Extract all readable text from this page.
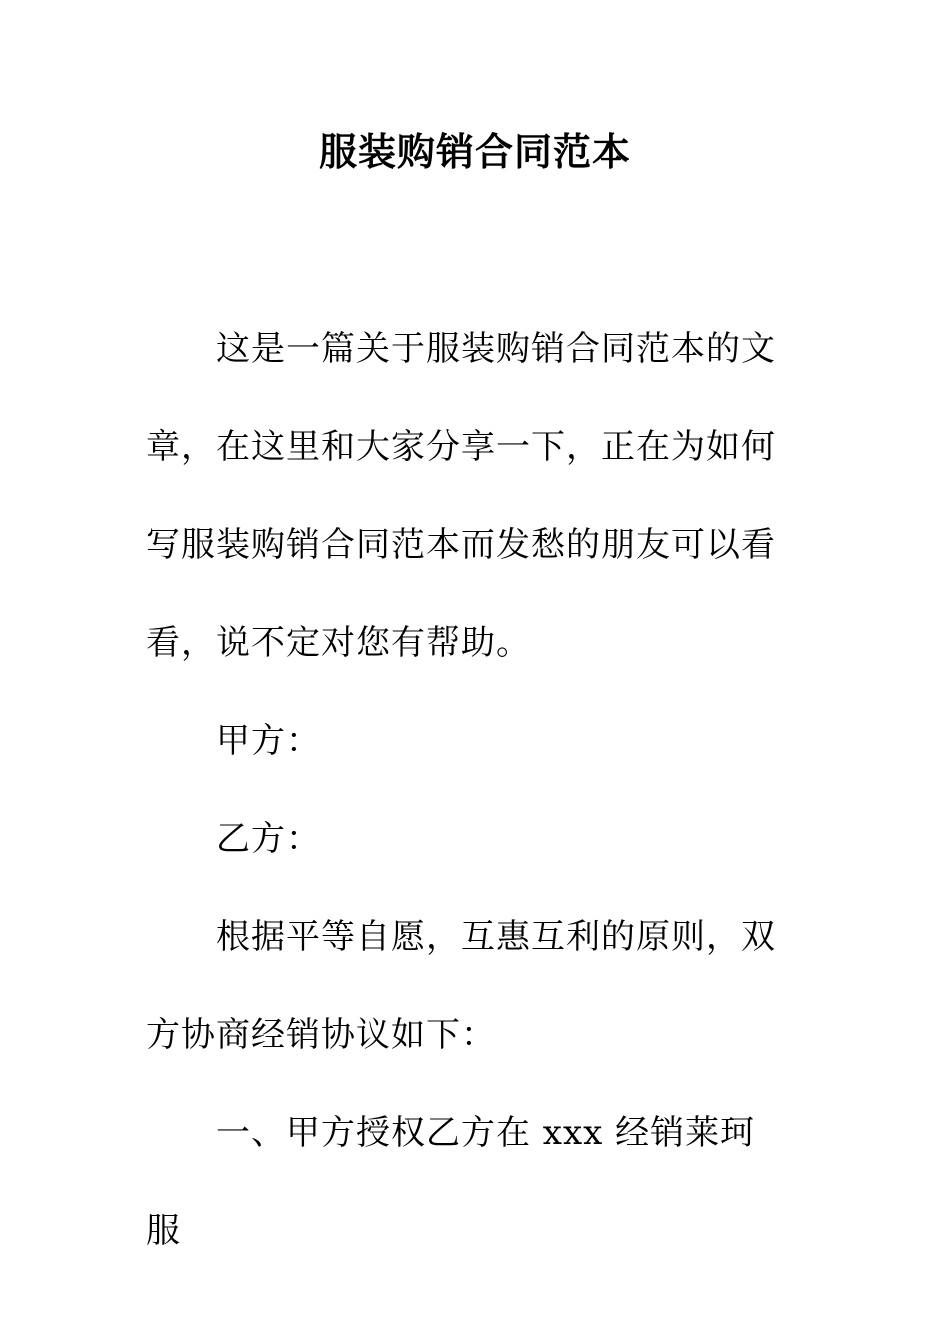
服装购销合同范本

这是一篇关于服装购销合同范本的文章，在这里和大家分享一下，正在为如何写服装购销合同范本而发愁的朋友可以看看，说不定对您有帮助。

甲方：

乙方：

根据平等自愿，互惠互利的原则，双方协商经销协议如下：

一、甲方授权乙方在 xxx 经销莱珂服
